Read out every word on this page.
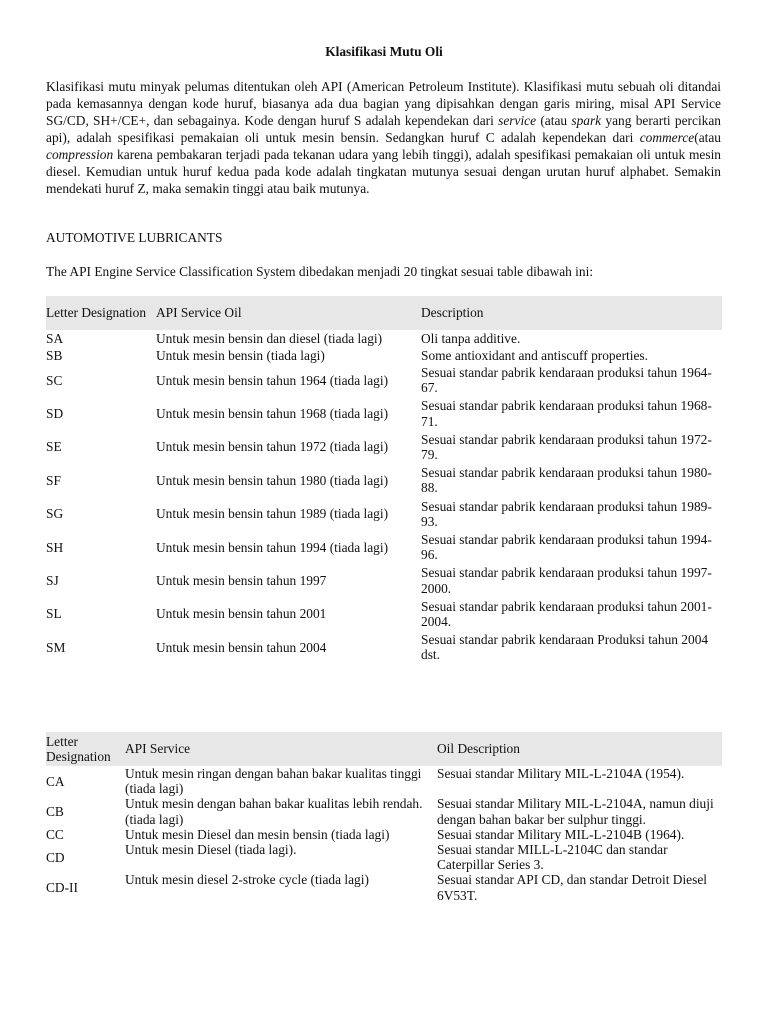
Klasifikasi Mutu Oli

Klasifikasi mutu minyak pelumas ditentukan oleh API (American Petroleum Institute). Klasifikasi mutu sebuah oli ditandai pada kemasannya dengan kode huruf, biasanya ada dua bagian yang dipisahkan dengan garis miring, misal API Service SG/CD, SH+/CE+, dan sebagainya. Kode dengan huruf S adalah kependekan dari service (atau spark yang berarti percikan api), adalah spesifikasi pemakaian oli untuk mesin bensin. Sedangkan huruf C adalah kependekan dari commerce(atau compression karena pembakaran terjadi pada tekanan udara yang lebih tinggi), adalah spesifikasi pemakaian oli untuk mesin diesel. Kemudian untuk huruf kedua pada kode adalah tingkatan mutunya sesuai dengan urutan huruf alphabet. Semakin mendekati huruf Z, maka semakin tinggi atau baik mutunya.

AUTOMOTIVE LUBRICANTS
The API Engine Service Classification System dibedakan menjadi 20 tingkat sesuai table dibawah ini:
Letter Designation	API Service Oil	Description
SA	Untuk mesin bensin dan diesel (tiada lagi)	Oli tanpa additive.
SB	Untuk mesin bensin (tiada lagi)	Some antioxidant and antiscuff properties.
SC	Untuk mesin bensin tahun 1964 (tiada lagi)	Sesuai standar pabrik kendaraan produksi tahun 1964-67.
SD	Untuk mesin bensin tahun 1968 (tiada lagi)	Sesuai standar pabrik kendaraan produksi tahun 1968-71.
SE	Untuk mesin bensin tahun 1972 (tiada lagi)	Sesuai standar pabrik kendaraan produksi tahun 1972-79.
SF	Untuk mesin bensin tahun 1980 (tiada lagi)	Sesuai standar pabrik kendaraan produksi tahun 1980-88.
SG	Untuk mesin bensin tahun 1989 (tiada lagi)	Sesuai standar pabrik kendaraan produksi tahun 1989-93.
SH	Untuk mesin bensin tahun 1994 (tiada lagi)	Sesuai standar pabrik kendaraan produksi tahun 1994-96.
SJ	Untuk mesin bensin tahun 1997	Sesuai standar pabrik kendaraan produksi tahun 1997-2000.
SL	Untuk mesin bensin tahun 2001	Sesuai standar pabrik kendaraan produksi tahun 2001-2004.
SM	Untuk mesin bensin tahun 2004	Sesuai standar pabrik kendaraan Produksi tahun 2004 dst.
Letter Designation	API Service	Oil Description
CA	Untuk mesin ringan dengan bahan bakar kualitas tinggi (tiada lagi)	Sesuai standar Military MIL-L-2104A (1954).
CB	Untuk mesin dengan bahan bakar kualitas lebih rendah. (tiada lagi)	Sesuai standar Military MIL-L-2104A, namun diuji dengan bahan bakar ber sulphur tinggi.
CC	Untuk mesin Diesel dan mesin bensin (tiada lagi)	Sesuai standar Military MIL-L-2104B (1964).
CD	Untuk mesin Diesel (tiada lagi).	Sesuai standar MILL-L-2104C dan standar Caterpillar Series 3.
CD-II	Untuk mesin diesel 2-stroke cycle (tiada lagi)	Sesuai standar API CD, dan standar Detroit Diesel 6V53T.
